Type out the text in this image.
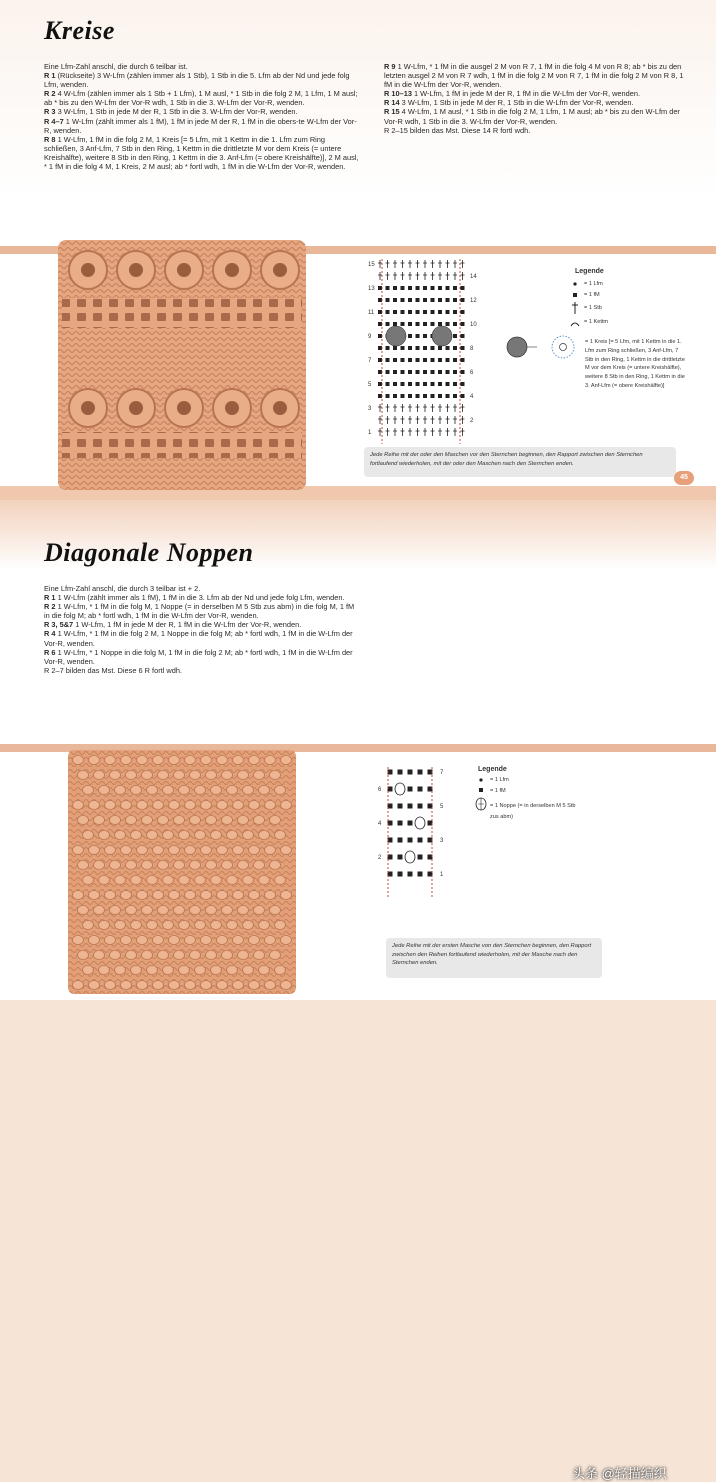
Kreise

Eine Lfm-Zahl anschl, die durch 6 teilbar ist.

R 1 (Rückseite) 3 W-Lfm (zählen immer als 1 Stb), 1 Stb in die 5. Lfm ab der Nd und jede folg Lfm, wenden.

R 2 4 W-Lfm (zählen immer als 1 Stb + 1 Lfm), 1 M ausl, * 1 Stb in die folg 2 M, 1 Lfm, 1 M ausl; ab * bis zu den W-Lfm der Vor-R wdh, 1 Stb in die 3. W-Lfm der Vor-R, wenden.

R 3 3 W-Lfm, 1 Stb in jede M der R, 1 Stb in die 3. W-Lfm der Vor-R, wenden.

R 4–7 1 W-Lfm (zählt immer als 1 fM), 1 fM in jede M der R, 1 fM in die obers-te W-Lfm der Vor-R, wenden.

R 8 1 W-Lfm, 1 fM in die folg 2 M, 1 Kreis [= 5 Lfm, mit 1 Kettm in die 1. Lfm zum Ring schließen, 3 Anf-Lfm, 7 Stb in den Ring, 1 Kettm in die drittletzte M vor dem Kreis (= untere Kreishälfte), weitere 8 Stb in den Ring, 1 Kettm in die 3. Anf-Lfm (= obere Kreishälfte)], 2 M ausl, * 1 fM in die folg 4 M, 1 Kreis, 2 M ausl; ab * fortl wdh, 1 fM in die W-Lfm der Vor-R, wenden.

R 9 1 W-Lfm, * 1 fM in die ausgel 2 M von R 7, 1 fM in die folg 4 M von R 8; ab * bis zu den letzten ausgel 2 M von R 7 wdh, 1 fM in die folg 2 M von R 7, 1 fM in die folg 2 M von R 8, 1 fM in die W-Lfm der Vor-R, wenden.

R 10–13 1 W-Lfm, 1 fM in jede M der R, 1 fM in die W-Lfm der Vor-R, wenden.

R 14 3 W-Lfm, 1 Stb in jede M der R, 1 Stb in die W-Lfm der Vor-R, wenden.

R 15 4 W-Lfm, 1 M ausl, * 1 Stb in die folg 2 M, 1 Lfm, 1 M ausl; ab * bis zu den W-Lfm der Vor-R wdh, 1 Stb in die 3. W-Lfm der Vor-R, wenden.

R 2–15 bilden das Mst. Diese 14 R fortl wdh.

15
14
13
12
11
10
9
8
7
6
5
4
3
2
1
Legende
= 1 Lfm
= 1 fM
= 1 Stb
= 1 Kettm
= 1 Kreis [= 5 Lfm, mit 1 Kettm in die 1. Lfm zum Ring schließen, 3 Anf-Lfm, 7 Stb in den Ring, 1 Kettm in die drittletzte M vor dem Kreis (= untere Kreishälfte), weitere 8 Stb in den Ring, 1 Kettm in die 3. Anf-Lfm (= obere Kreishälfte)]
Jede Reihe mit der oder den Maschen vor den Sternchen beginnen, den Rapport zwischen den Sternchen fortlaufend wiederholen, mit der oder den Maschen nach den Sternchen enden.
45
Diagonale Noppen

Eine Lfm-Zahl anschl, die durch 3 teilbar ist + 2.

R 1 1 W-Lfm (zählt immer als 1 fM), 1 fM in die 3. Lfm ab der Nd und jede folg Lfm, wenden.

R 2 1 W-Lfm, * 1 fM in die folg M, 1 Noppe (= in derselben M 5 Stb zus abm) in die folg M, 1 fM in die folg M; ab * fortl wdh, 1 fM in die W-Lfm der Vor-R, wenden.

R 3, 5&7 1 W-Lfm, 1 fM in jede M der R, 1 fM in die W-Lfm der Vor-R, wenden.

R 4 1 W-Lfm, * 1 fM in die folg 2 M, 1 Noppe in die folg M; ab * fortl wdh, 1 fM in die W-Lfm der Vor-R, wenden.

R 6 1 W-Lfm, * 1 Noppe in die folg M, 1 fM in die folg 2 M; ab * fortl wdh, 1 fM in die W-Lfm der Vor-R, wenden.

R 2–7 bilden das Mst. Diese 6 R fortl wdh.

7
6
5
4
3
2
1
Legende
= 1 Lfm
= 1 fM
= 1 Noppe (= in derselben M 5 Stb zus abm)
Jede Reihe mit der ersten Masche von den Sternchen beginnen, den Rapport zwischen den Reihen fortlaufend wiederholen, mit der Masche nach den Sternchen enden.
头条 @轻描编织
